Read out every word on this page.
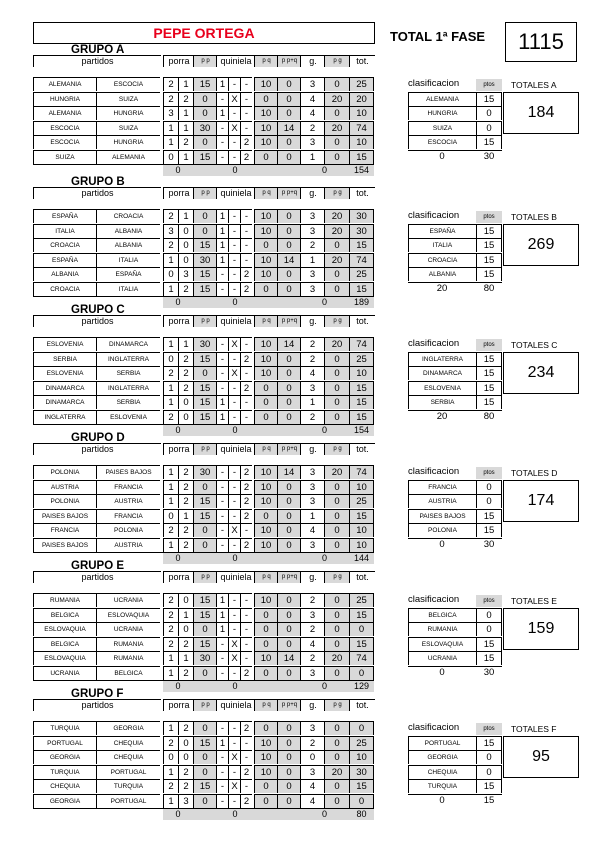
PEPE ORTEGA	TOTAL 1ª FASE	1115
GRUPO A
partidos	porra	p p	quiniela	p q	p p+q	g.	p g	tot.
ALEMANIA	ESCOCIA	2	1	15	1 - -	10	0	3	0	25
HUNGRIA	SUIZA	2	2	0	- X -	0	0	4	20	20
ALEMANIA	HUNGRIA	3	1	0	1 - -	10	0	4	0	10
ESCOCIA	SUIZA	1	1	30	- X -	10	14	2	20	74
ESCOCIA	HUNGRIA	1	2	0	- - 2	10	0	3	0	10
SUIZA	ALEMANIA	0	1	15	- - 2	0	0	1	0	15
0	0	0	154
clasificacion	ptos
ALEMANIA	15
HUNGRIA	0
SUIZA	0
ESCOCIA	15
0	30
TOTALES A
184
GRUPO B
partidos	porra	p p	quiniela	p q	p p+q	g.	p g	tot.
ESPAÑA	CROACIA	2	1	0	1 - -	10	0	3	20	30
ITALIA	ALBANIA	3	0	0	1 - -	10	0	3	20	30
CROACIA	ALBANIA	2	0	15	1 - -	0	0	2	0	15
ESPAÑA	ITALIA	1	0	30	1 - -	10	14	1	20	74
ALBANIA	ESPAÑA	0	3	15	- - 2	10	0	3	0	25
CROACIA	ITALIA	1	2	15	- - 2	0	0	3	0	15
0	0	0	189
clasificacion	ptos
ESPAÑA	15
ITALIA	15
CROACIA	15
ALBANIA	15
20	80
TOTALES B
269
GRUPO C
partidos	porra	p p	quiniela	p q	p p+q	g.	p g	tot.
ESLOVENIA	DINAMARCA	1	1	30	- X -	10	14	2	20	74
SERBIA	INGLATERRA	0	2	15	- - 2	10	0	2	0	25
ESLOVENIA	SERBIA	2	2	0	- X -	10	0	4	0	10
DINAMARCA	INGLATERRA	1	2	15	- - 2	0	0	3	0	15
DINAMARCA	SERBIA	1	0	15	1 - -	0	0	1	0	15
INGLATERRA	ESLOVENIA	2	0	15	1 - -	0	0	2	0	15
0	0	0	154
clasificacion	ptos
INGLATERRA	15
DINAMARCA	15
ESLOVENIA	15
SERBIA	15
20	80
TOTALES C
234
GRUPO D
partidos	porra	p p	quiniela	p q	p p+q	g.	p g	tot.
POLONIA	PAISES BAJOS	1	2	30	- - 2	10	14	3	20	74
AUSTRIA	FRANCIA	1	2	0	- - 2	10	0	3	0	10
POLONIA	AUSTRIA	1	2	15	- - 2	10	0	3	0	25
PAISES BAJOS	FRANCIA	0	1	15	- - 2	0	0	1	0	15
FRANCIA	POLONIA	2	2	0	- X -	10	0	4	0	10
PAISES BAJOS	AUSTRIA	1	2	0	- - 2	10	0	3	0	10
0	0	0	144
clasificacion	ptos
FRANCIA	0
AUSTRIA	0
PAISES BAJOS	15
POLONIA	15
0	30
TOTALES D
174
GRUPO E
partidos	porra	p p	quiniela	p q	p p+q	g.	p g	tot.
RUMANIA	UCRANIA	2	0	15	1 - -	10	0	2	0	25
BELGICA	ESLOVAQUIA	2	1	15	1 - -	0	0	3	0	15
ESLOVAQUIA	UCRANIA	2	0	0	1 - -	0	0	2	0	0
BELGICA	RUMANIA	2	2	15	- X -	0	0	4	0	15
ESLOVAQUIA	RUMANIA	1	1	30	- X -	10	14	2	20	74
UCRANIA	BELGICA	1	2	0	- - 2	0	0	3	0	0
0	0	0	129
clasificacion	ptos
BELGICA	0
RUMANIA	0
ESLOVAQUIA	15
UCRANIA	15
0	30
TOTALES E
159
GRUPO F
partidos	porra	p p	quiniela	p q	p p+q	g.	p g	tot.
TURQUIA	GEORGIA	1	2	0	- - 2	0	0	3	0	0
PORTUGAL	CHEQUIA	2	0	15	1 - -	10	0	2	0	25
GEORGIA	CHEQUIA	0	0	0	- X -	10	0	0	0	10
TURQUIA	PORTUGAL	1	2	0	- - 2	10	0	3	20	30
CHEQUIA	TURQUIA	2	2	15	- X -	0	0	4	0	15
GEORGIA	PORTUGAL	1	3	0	- - 2	0	0	4	0	0
0	0	0	80
clasificacion	ptos
PORTUGAL	15
GEORGIA	0
CHEQUIA	0
TURQUIA	15
0	15
TOTALES F
95
